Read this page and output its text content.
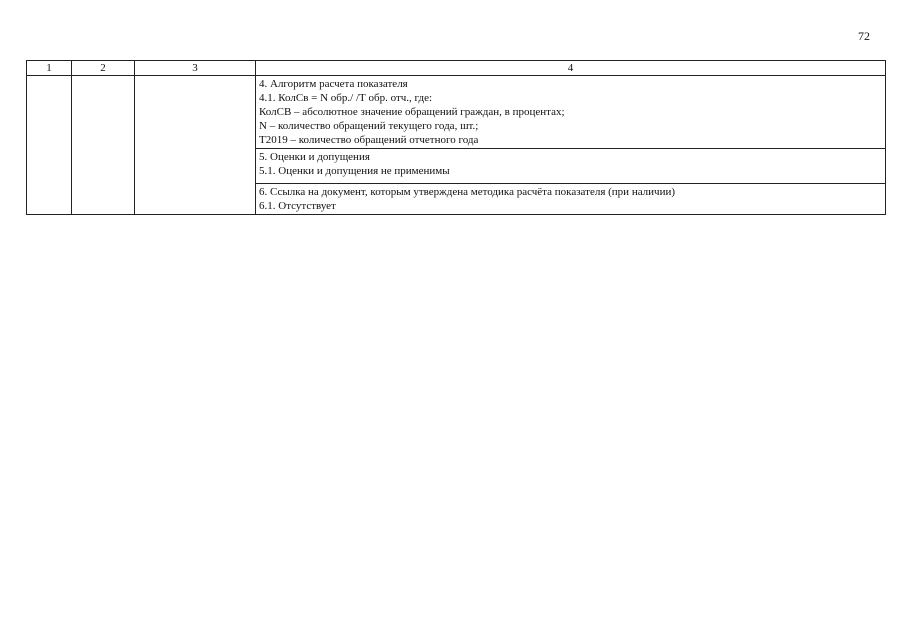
72
1	2	3	4

			4. Алгоритм расчета показателя
4.1. КолСв = N обр./ /Т обр. отч., где:
КолСВ – абсолютное значение обращений граждан, в процентах;
N – количество обращений текущего года, шт.;
Т2019 – количество обращений отчетного года

			5. Оценки и допущения
5.1. Оценки и допущения не применимы

			6. Ссылка на документ, которым утверждена методика расчёта показателя (при наличии)
6.1. Отсутствует
